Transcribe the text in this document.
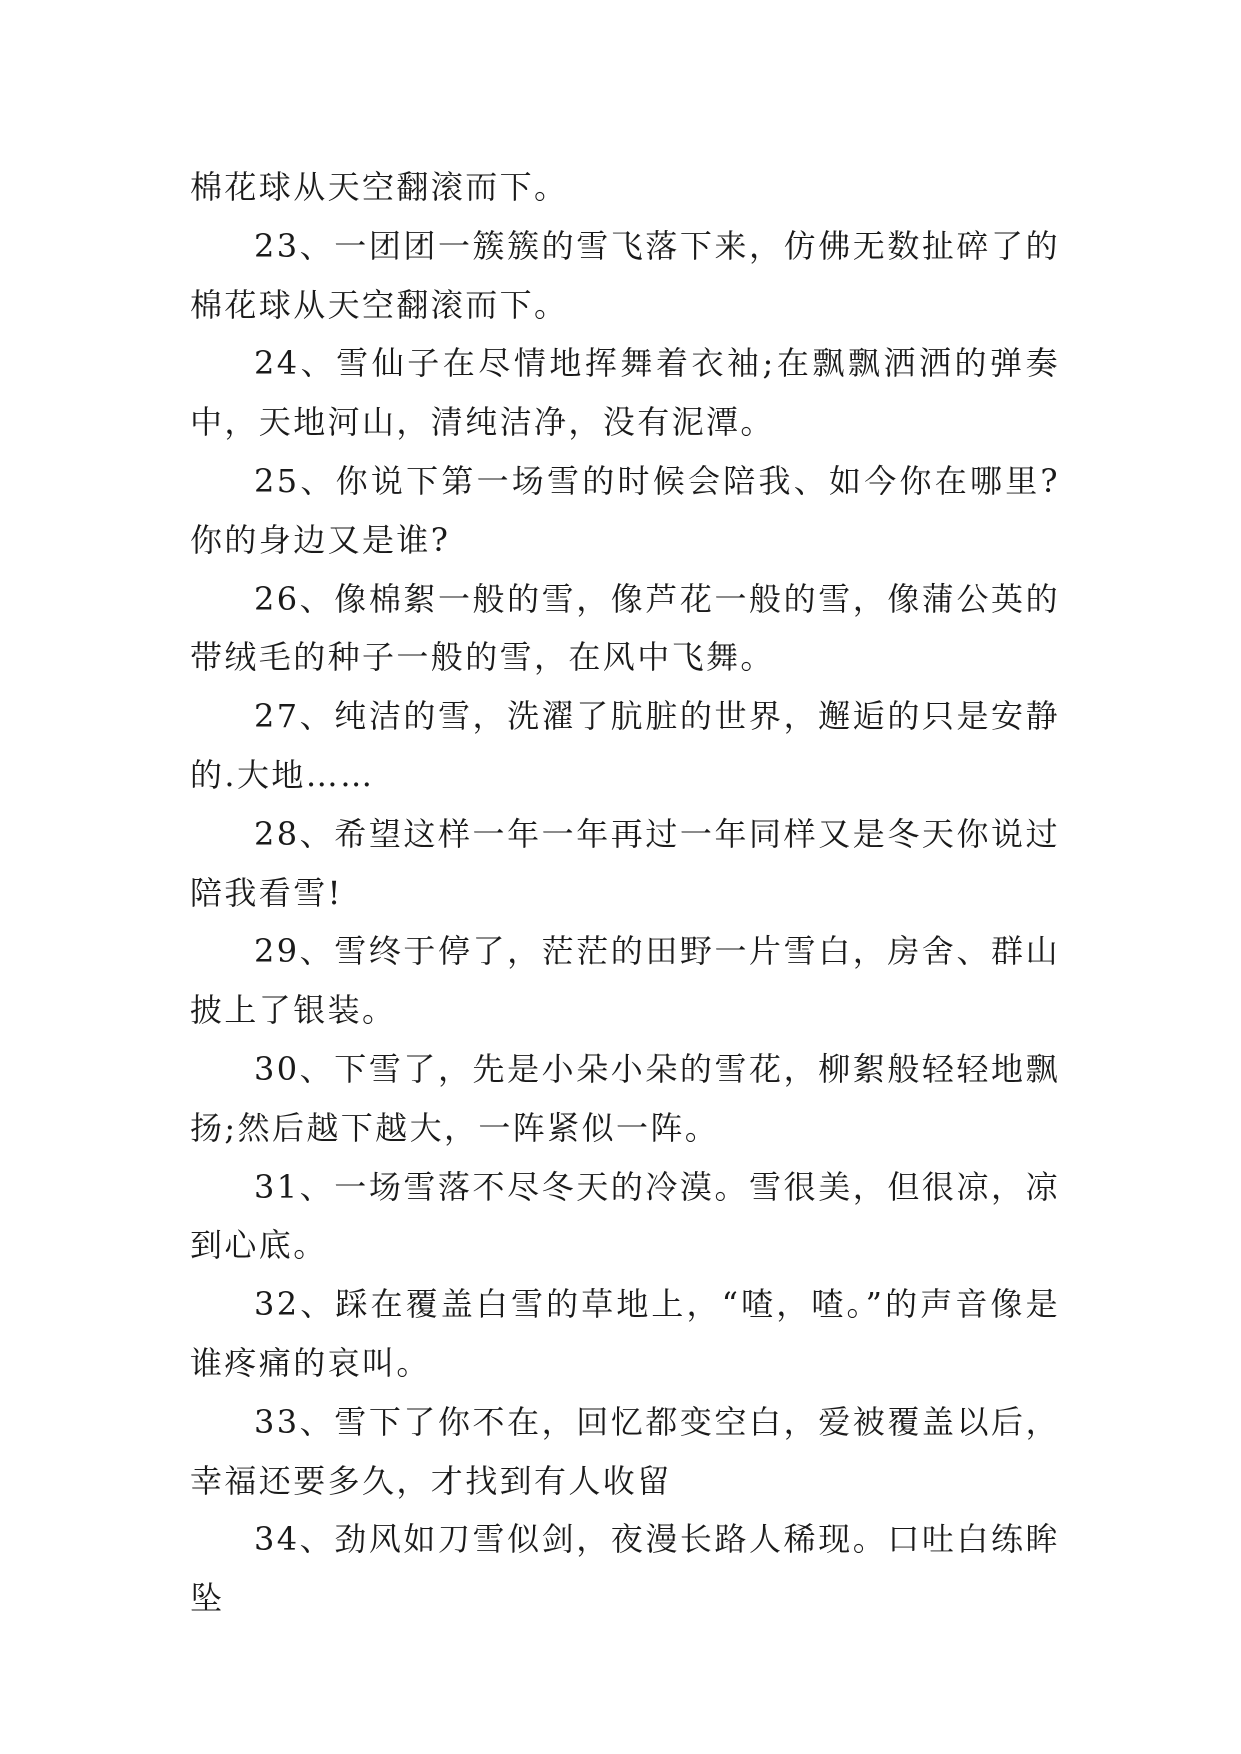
棉花球从天空翻滚而下。

23、一团团一簇簇的雪飞落下来，仿佛无数扯碎了的棉花球从天空翻滚而下。

24、雪仙子在尽情地挥舞着衣袖;在飘飘洒洒的弹奏中，天地河山，清纯洁净，没有泥潭。

25、你说下第一场雪的时候会陪我、如今你在哪里?你的身边又是谁?

26、像棉絮一般的雪，像芦花一般的雪，像蒲公英的带绒毛的种子一般的雪，在风中飞舞。

27、纯洁的雪，洗濯了肮脏的世界，邂逅的只是安静的.大地……

28、希望这样一年一年再过一年同样又是冬天你说过陪我看雪!

29、雪终于停了，茫茫的田野一片雪白，房舍、群山披上了银装。

30、下雪了，先是小朵小朵的雪花，柳絮般轻轻地飘扬;然后越下越大，一阵紧似一阵。

31、一场雪落不尽冬天的冷漠。雪很美，但很凉，凉到心底。

32、踩在覆盖白雪的草地上，“喳，喳。”的声音像是谁疼痛的哀叫。

33、雪下了你不在，回忆都变空白，爱被覆盖以后，幸福还要多久，才找到有人收留

34、劲风如刀雪似剑，夜漫长路人稀现。口吐白练眸坠
